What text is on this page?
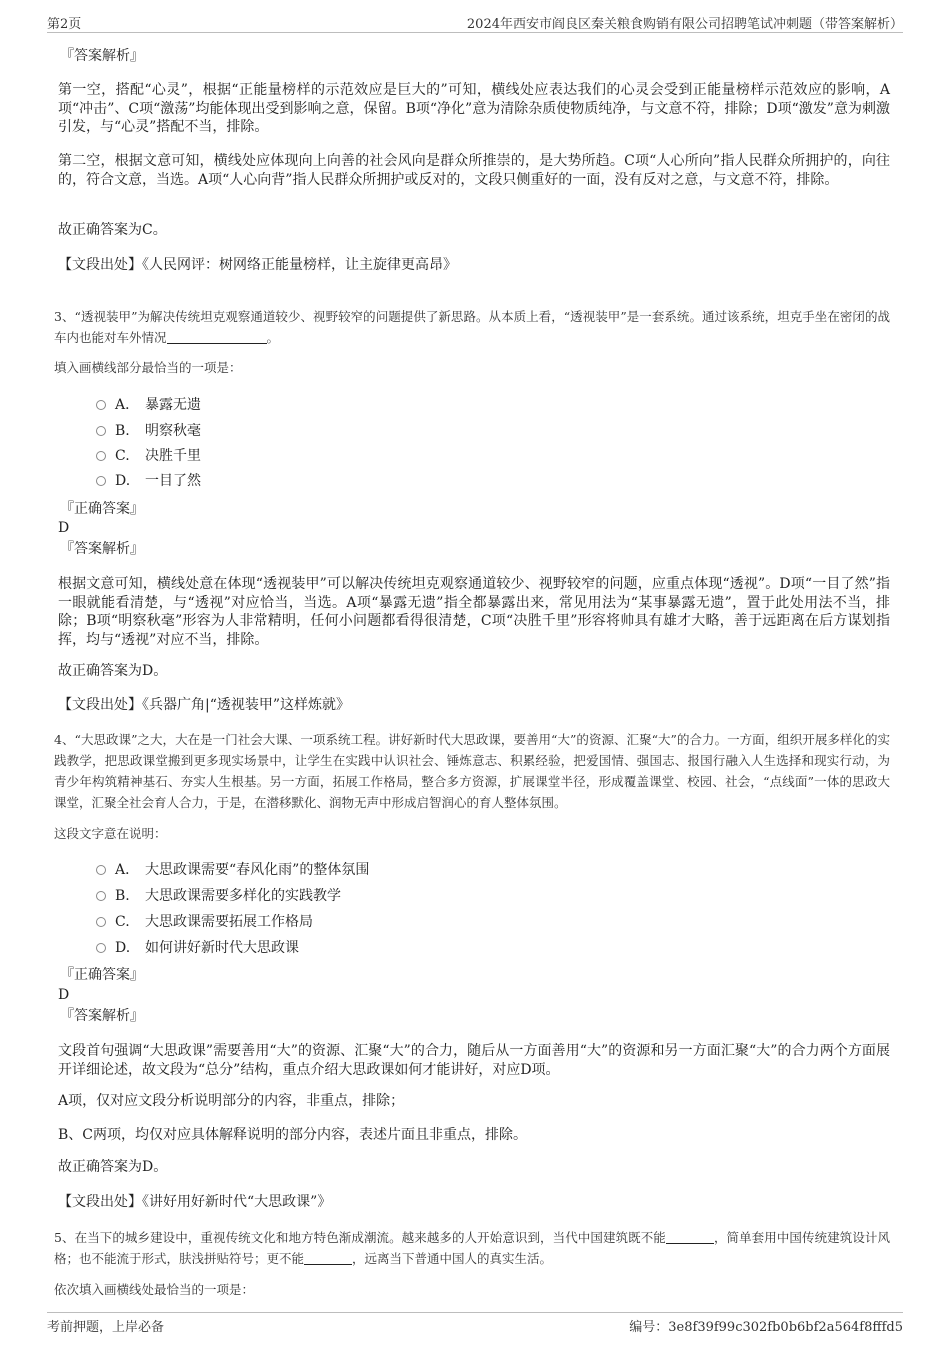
第2页	2024年西安市阎良区秦关粮食购销有限公司招聘笔试冲刺题（带答案解析）

『答案解析』

第一空，搭配“心灵”，根据“正能量榜样的示范效应是巨大的”可知，横线处应表达我们的心灵会受到正能量榜样示范效应的影响，A项“冲击”、C项“激荡”均能体现出受到影响之意，保留。B项“净化”意为清除杂质使物质纯净，与文意不符，排除；D项“激发”意为刺激引发，与“心灵”搭配不当，排除。

第二空，根据文意可知，横线处应体现向上向善的社会风向是群众所推崇的，是大势所趋。C项“人心所向”指人民群众所拥护的，向往的，符合文意，当选。A项“人心向背”指人民群众所拥护或反对的，文段只侧重好的一面，没有反对之意，与文意不符，排除。

故正确答案为C。

【文段出处】《人民网评：树网络正能量榜样，让主旋律更高昂》

3、“透视装甲”为解决传统坦克观察通道较少、视野较窄的问题提供了新思路。从本质上看，“透视装甲”是一套系统。通过该系统，坦克手坐在密闭的战车内也能对车外情况	。

填入画横线部分最恰当的一项是：

A． 暴露无遗
B. 明察秋毫
C. 决胜千里
D. 一目了然

『正确答案』

D

『答案解析』

根据文意可知，横线处意在体现“透视装甲”可以解决传统坦克观察通道较少、视野较窄的问题，应重点体现“透视”。D项“一目了然”指一眼就能看清楚，与“透视”对应恰当，当选。A项“暴露无遗”指全都暴露出来，常见用法为“某事暴露无遗”，置于此处用法不当，排除；B项“明察秋毫”形容为人非常精明，任何小问题都看得很清楚，C项“决胜千里”形容将帅具有雄才大略，善于远距离在后方谋划指挥，均与“透视”对应不当，排除。

故正确答案为D。

【文段出处】《兵器广角|“透视装甲”这样炼就》

4、“大思政课”之大，大在是一门社会大课、一项系统工程。讲好新时代大思政课，要善用“大”的资源、汇聚“大”的合力。一方面，组织开展多样化的实践教学，把思政课堂搬到更多现实场景中，让学生在实践中认识社会、锤炼意志、积累经验，把爱国情、强国志、报国行融入人生选择和现实行动，为青少年构筑精神基石、夯实人生根基。另一方面，拓展工作格局，整合多方资源，扩展课堂半径，形成覆盖课堂、校园、社会，“点线面”一体的思政大课堂，汇聚全社会育人合力，于是，在潜移默化、润物无声中形成启智润心的育人整体氛围。

这段文字意在说明：

A． 大思政课需要“春风化雨”的整体氛围
B. 大思政课需要多样化的实践教学
C. 大思政课需要拓展工作格局
D. 如何讲好新时代大思政课

『正确答案』

D

『答案解析』

文段首句强调“大思政课”需要善用“大”的资源、汇聚“大”的合力，随后从一方面善用“大”的资源和另一方面汇聚“大”的合力两个方面展开详细论述，故文段为“总分”结构，重点介绍大思政课如何才能讲好，对应D项。

A项，仅对应文段分析说明部分的内容，非重点，排除；

B、C两项，均仅对应具体解释说明的部分内容，表述片面且非重点，排除。

故正确答案为D。

【文段出处】《讲好用好新时代“大思政课”》

5、在当下的城乡建设中，重视传统文化和地方特色渐成潮流。越来越多的人开始意识到，当代中国建筑既不能	，简单套用中国传统建筑设计风格；也不能流于形式，肤浅拼贴符号；更不能	，远离当下普通中国人的真实生活。

依次填入画横线处最恰当的一项是：

考前押题，上岸必备	编号：3e8f39f99c302fb0b6bf2a564f8fffd5
